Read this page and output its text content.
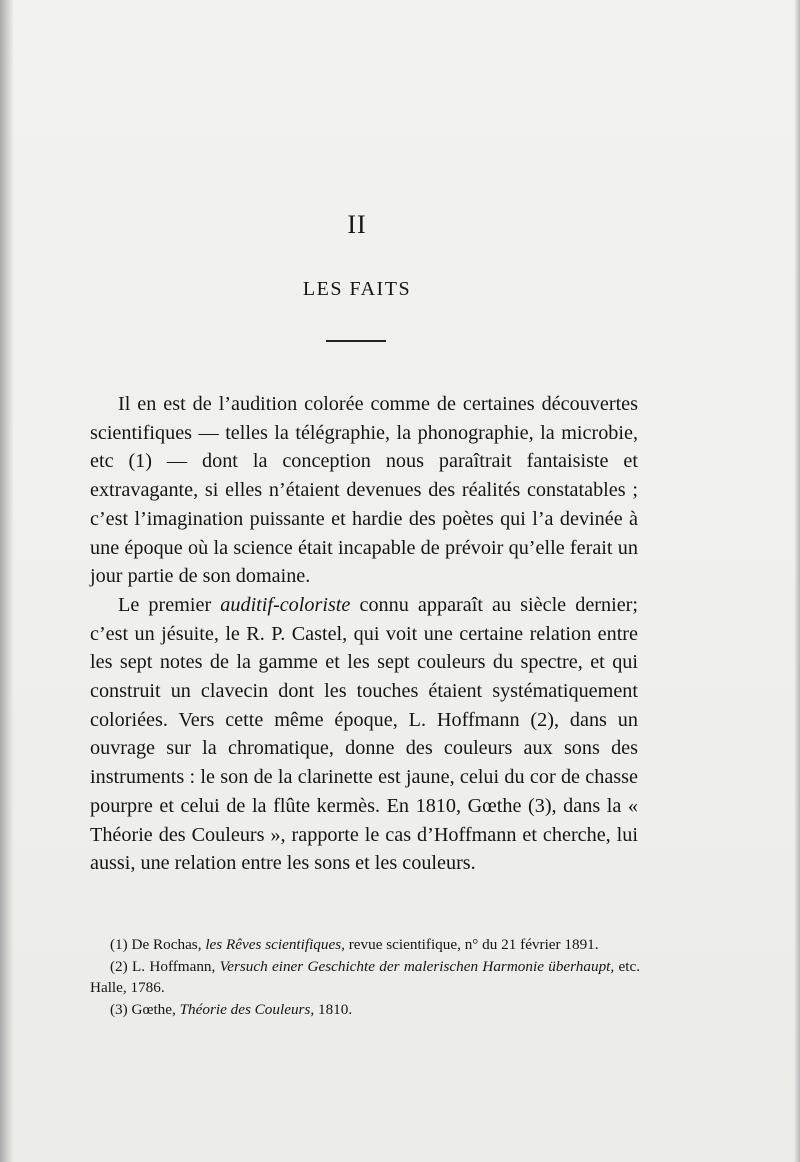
II
LES FAITS

Il en est de l’audition colorée comme de certaines découvertes scientifiques — telles la télégraphie, la phonographie, la microbie, etc (1) — dont la conception nous paraîtrait fantaisiste et extravagante, si elles n’étaient devenues des réalités constatables ; c’est l’imagination puissante et hardie des poètes qui l’a devinée à une époque où la science était incapable de prévoir qu’elle ferait un jour partie de son domaine.

Le premier auditif-coloriste connu apparaît au siècle dernier; c’est un jésuite, le R. P. Castel, qui voit une certaine relation entre les sept notes de la gamme et les sept couleurs du spectre, et qui construit un clavecin dont les touches étaient systématiquement coloriées. Vers cette même époque, L. Hoffmann (2), dans un ouvrage sur la chromatique, donne des couleurs aux sons des instruments : le son de la clarinette est jaune, celui du cor de chasse pourpre et celui de la flûte kermès. En 1810, Gœthe (3), dans la « Théorie des Couleurs », rapporte le cas d’Hoffmann et cherche, lui aussi, une relation entre les sons et les couleurs.

(1) De Rochas, les Rêves scientifiques, revue scientifique, n° du 21 février 1891.

(2) L. Hoffmann, Versuch einer Geschichte der malerischen Harmonie überhaupt, etc. Halle, 1786.

(3) Gœthe, Théorie des Couleurs, 1810.
